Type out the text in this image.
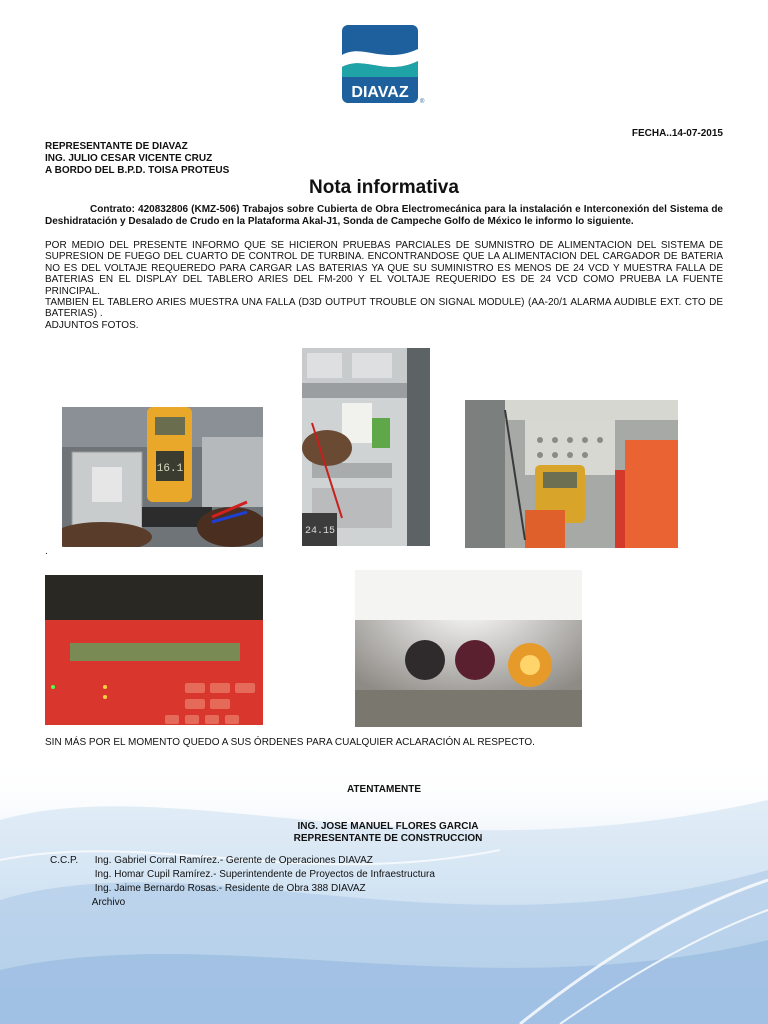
DIAVAZ
®
FECHA..14-07-2015
REPRESENTANTE DE DIAVAZ
ING. JULIO CESAR VICENTE CRUZ
A BORDO DEL B.P.D. TOISA PROTEUS
Nota informativa
Contrato: 420832806 (KMZ-506) Trabajos sobre Cubierta de Obra Electromecánica para la instalación e Interconexión del Sistema de Deshidratación y Desalado de Crudo en la Plataforma Akal-J1, Sonda de Campeche Golfo de México le informo lo siguiente.

POR MEDIO DEL PRESENTE INFORMO QUE SE HICIERON PRUEBAS PARCIALES DE SUMNISTRO DE ALIMENTACION DEL SISTEMA DE SUPRESION DE FUEGO DEL CUARTO DE CONTROL DE TURBINA. ENCONTRANDOSE QUE LA ALIMENTACION DEL CARGADOR DE BATERIA NO ES DEL VOLTAJE REQUEREDO PARA CARGAR LAS BATERIAS YA QUE SU SUMINISTRO ES MENOS DE 24 VCD Y MUESTRA FALLA DE BATERIAS EN EL DISPLAY DEL TABLERO ARIES DEL FM-200 Y EL VOLTAJE REQUERIDO ES DE 24 VCD COMO PRUEBA LA FUENTE PRINCIPAL.

TAMBIEN EL TABLERO ARIES MUESTRA UNA FALLA (D3D OUTPUT TROUBLE ON SIGNAL MODULE) (AA-20/1 ALARMA AUDIBLE EXT. CTO DE BATERIAS) .

ADJUNTOS FOTOS.

16.1
24.15
.
SIN MÁS POR EL MOMENTO QUEDO A SUS ÓRDENES PARA CUALQUIER ACLARACIÓN AL RESPECTO.
ATENTAMENTE
ING. JOSE MANUEL FLORES GARCIA
REPRESENTANTE DE CONSTRUCCION
C.C.P. Ing. Gabriel Corral Ramírez.- Gerente de Operaciones DIAVAZ
Ing. Homar Cupil Ramírez.- Superintendente de Proyectos de Infraestructura
Ing. Jaime Bernardo Rosas.- Residente de Obra 388 DIAVAZ
Archivo
